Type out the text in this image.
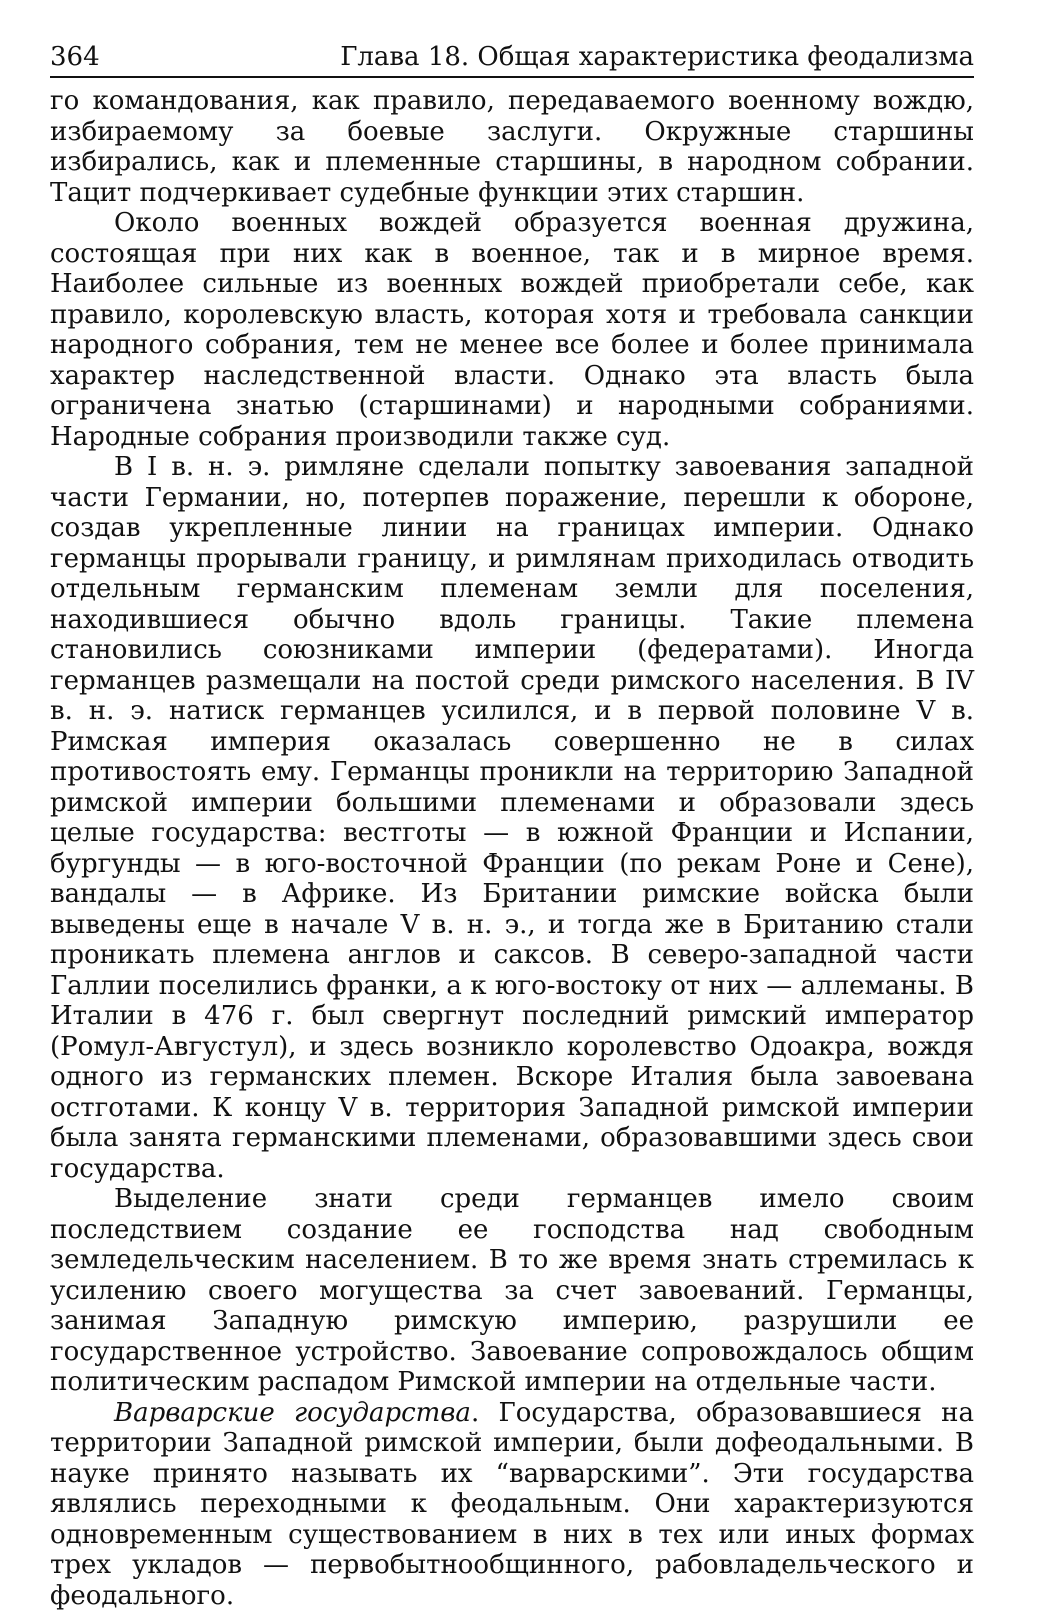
364	Глава 18. Общая характеристика феодализма

го командования, как правило, передаваемого военному вождю, избираемому за боевые заслуги. Окружные старшины избирались, как и племенные старшины, в народном собрании. Тацит подчеркивает судебные функции этих старшин.

Около военных вождей образуется военная дружина, состоящая при них как в военное, так и в мирное время. Наиболее сильные из военных вождей приобретали себе, как правило, королевскую власть, которая хотя и требовала санкции народного собрания, тем не менее все более и более принимала характер наследственной власти. Однако эта власть была ограничена знатью (старшинами) и народными собраниями. Народные собрания производили также суд.

В I в. н. э. римляне сделали попытку завоевания западной части Германии, но, потерпев поражение, перешли к обороне, создав укрепленные линии на границах империи. Однако германцы прорывали границу, и римлянам приходилась отводить отдельным германским племенам земли для поселения, находившиеся обычно вдоль границы. Такие племена становились союзниками империи (федератами). Иногда германцев размещали на постой среди римского населения. В IV в. н. э. натиск германцев усилился, и в первой половине V в. Римская империя оказалась совершенно не в силах противостоять ему. Германцы проникли на территорию Западной римской империи большими племенами и образовали здесь целые государства: вестготы — в южной Франции и Испании, бургунды — в юго-восточной Франции (по рекам Роне и Сене), вандалы — в Африке. Из Британии римские войска были выведены еще в начале V в. н. э., и тогда же в Британию стали проникать племена англов и саксов. В северо-западной части Галлии поселились франки, а к юго-востоку от них — аллеманы. В Италии в 476 г. был свергнут последний римский император (Ромул-Августул), и здесь возникло королевство Одоакра, вождя одного из германских племен. Вскоре Италия была завоевана остготами. К концу V в. территория Западной римской империи была занята германскими племенами, образовавшими здесь свои государства.

Выделение знати среди германцев имело своим последствием создание ее господства над свободным земледельческим населением. В то же время знать стремилась к усилению своего могущества за счет завоеваний. Германцы, занимая Западную римскую империю, разрушили ее государственное устройство. Завоевание сопровождалось общим политическим распадом Римской империи на отдельные части.

Варварские государства. Государства, образовавшиеся на территории Западной римской империи, были дофеодальными. В науке принято называть их “варварскими”. Эти государства являлись переходными к феодальным. Они характеризуются одновременным существованием в них в тех или иных формах трех укладов — первобытнообщинного, рабовладельческого и феодального.
